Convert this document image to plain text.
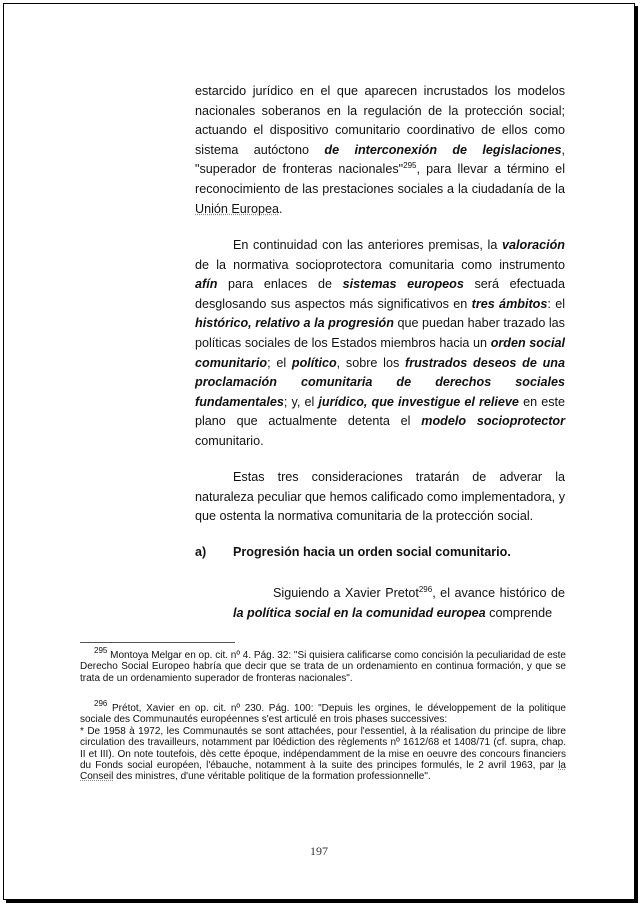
estarcido jurídico en el que aparecen incrustados los modelos nacionales soberanos en la regulación de la protección social; actuando el dispositivo comunitario coordinativo de ellos como sistema autóctono de interconexión de legislaciones, "superador de fronteras nacionales"$^{295}$, para llevar a término el reconocimiento de las prestaciones sociales a la ciudadanía de la Unión Europea.
En continuidad con las anteriores premisas, la valoración de la normativa socioprotectora comunitaria como instrumento afín para enlaces de sistemas europeos será efectuada desglosando sus aspectos más significativos en tres ámbitos: el histórico, relativo a la progresión que puedan haber trazado las políticas sociales de los Estados miembros hacia un orden social comunitario; el político, sobre los frustrados deseos de una proclamación comunitaria de derechos sociales fundamentales; y, el jurídico, que investigue el relieve en este plano que actualmente detenta el modelo socioprotector comunitario.
Estas tres consideraciones tratarán de adverar la naturaleza peculiar que hemos calificado como implementadora, y que ostenta la normativa comunitaria de la protección social.
a) Progresión hacia un orden social comunitario.
Siguiendo a Xavier Pretot$^{296}$, el avance histórico de la política social en la comunidad europea comprende

$^{295}$ Montoya Melgar en op. cit. nº 4. Pág. 32: "Si quisiera calificarse como concisión la peculiaridad de este Derecho Social Europeo habría que decir que se trata de un ordenamiento en continua formación, y que se trata de un ordenamiento superador de fronteras nacionales".

$^{296}$ Prétot, Xavier en op. cit. nº 230. Pág. 100: "Depuis les orgines, le développement de la politique sociale des Communautés européennes s'est articulé en trois phases successives:

* De 1958 à 1972, les Communautés se sont attachées, pour l'essentiel, à la réalisation du principe de libre circulation des travailleurs, notamment par l0édiction des règlements nº 1612/68 et 1408/71 (cf. supra, chap. II et III). On note toutefois, dès cette époque, indépendamment de la mise en oeuvre des concours financiers du Fonds social européen, l'ébauche, notamment à la suite des principes formulés, le 2 avril 1963, par la Conseil des ministres, d'une véritable politique de la formation professionnelle".

197
